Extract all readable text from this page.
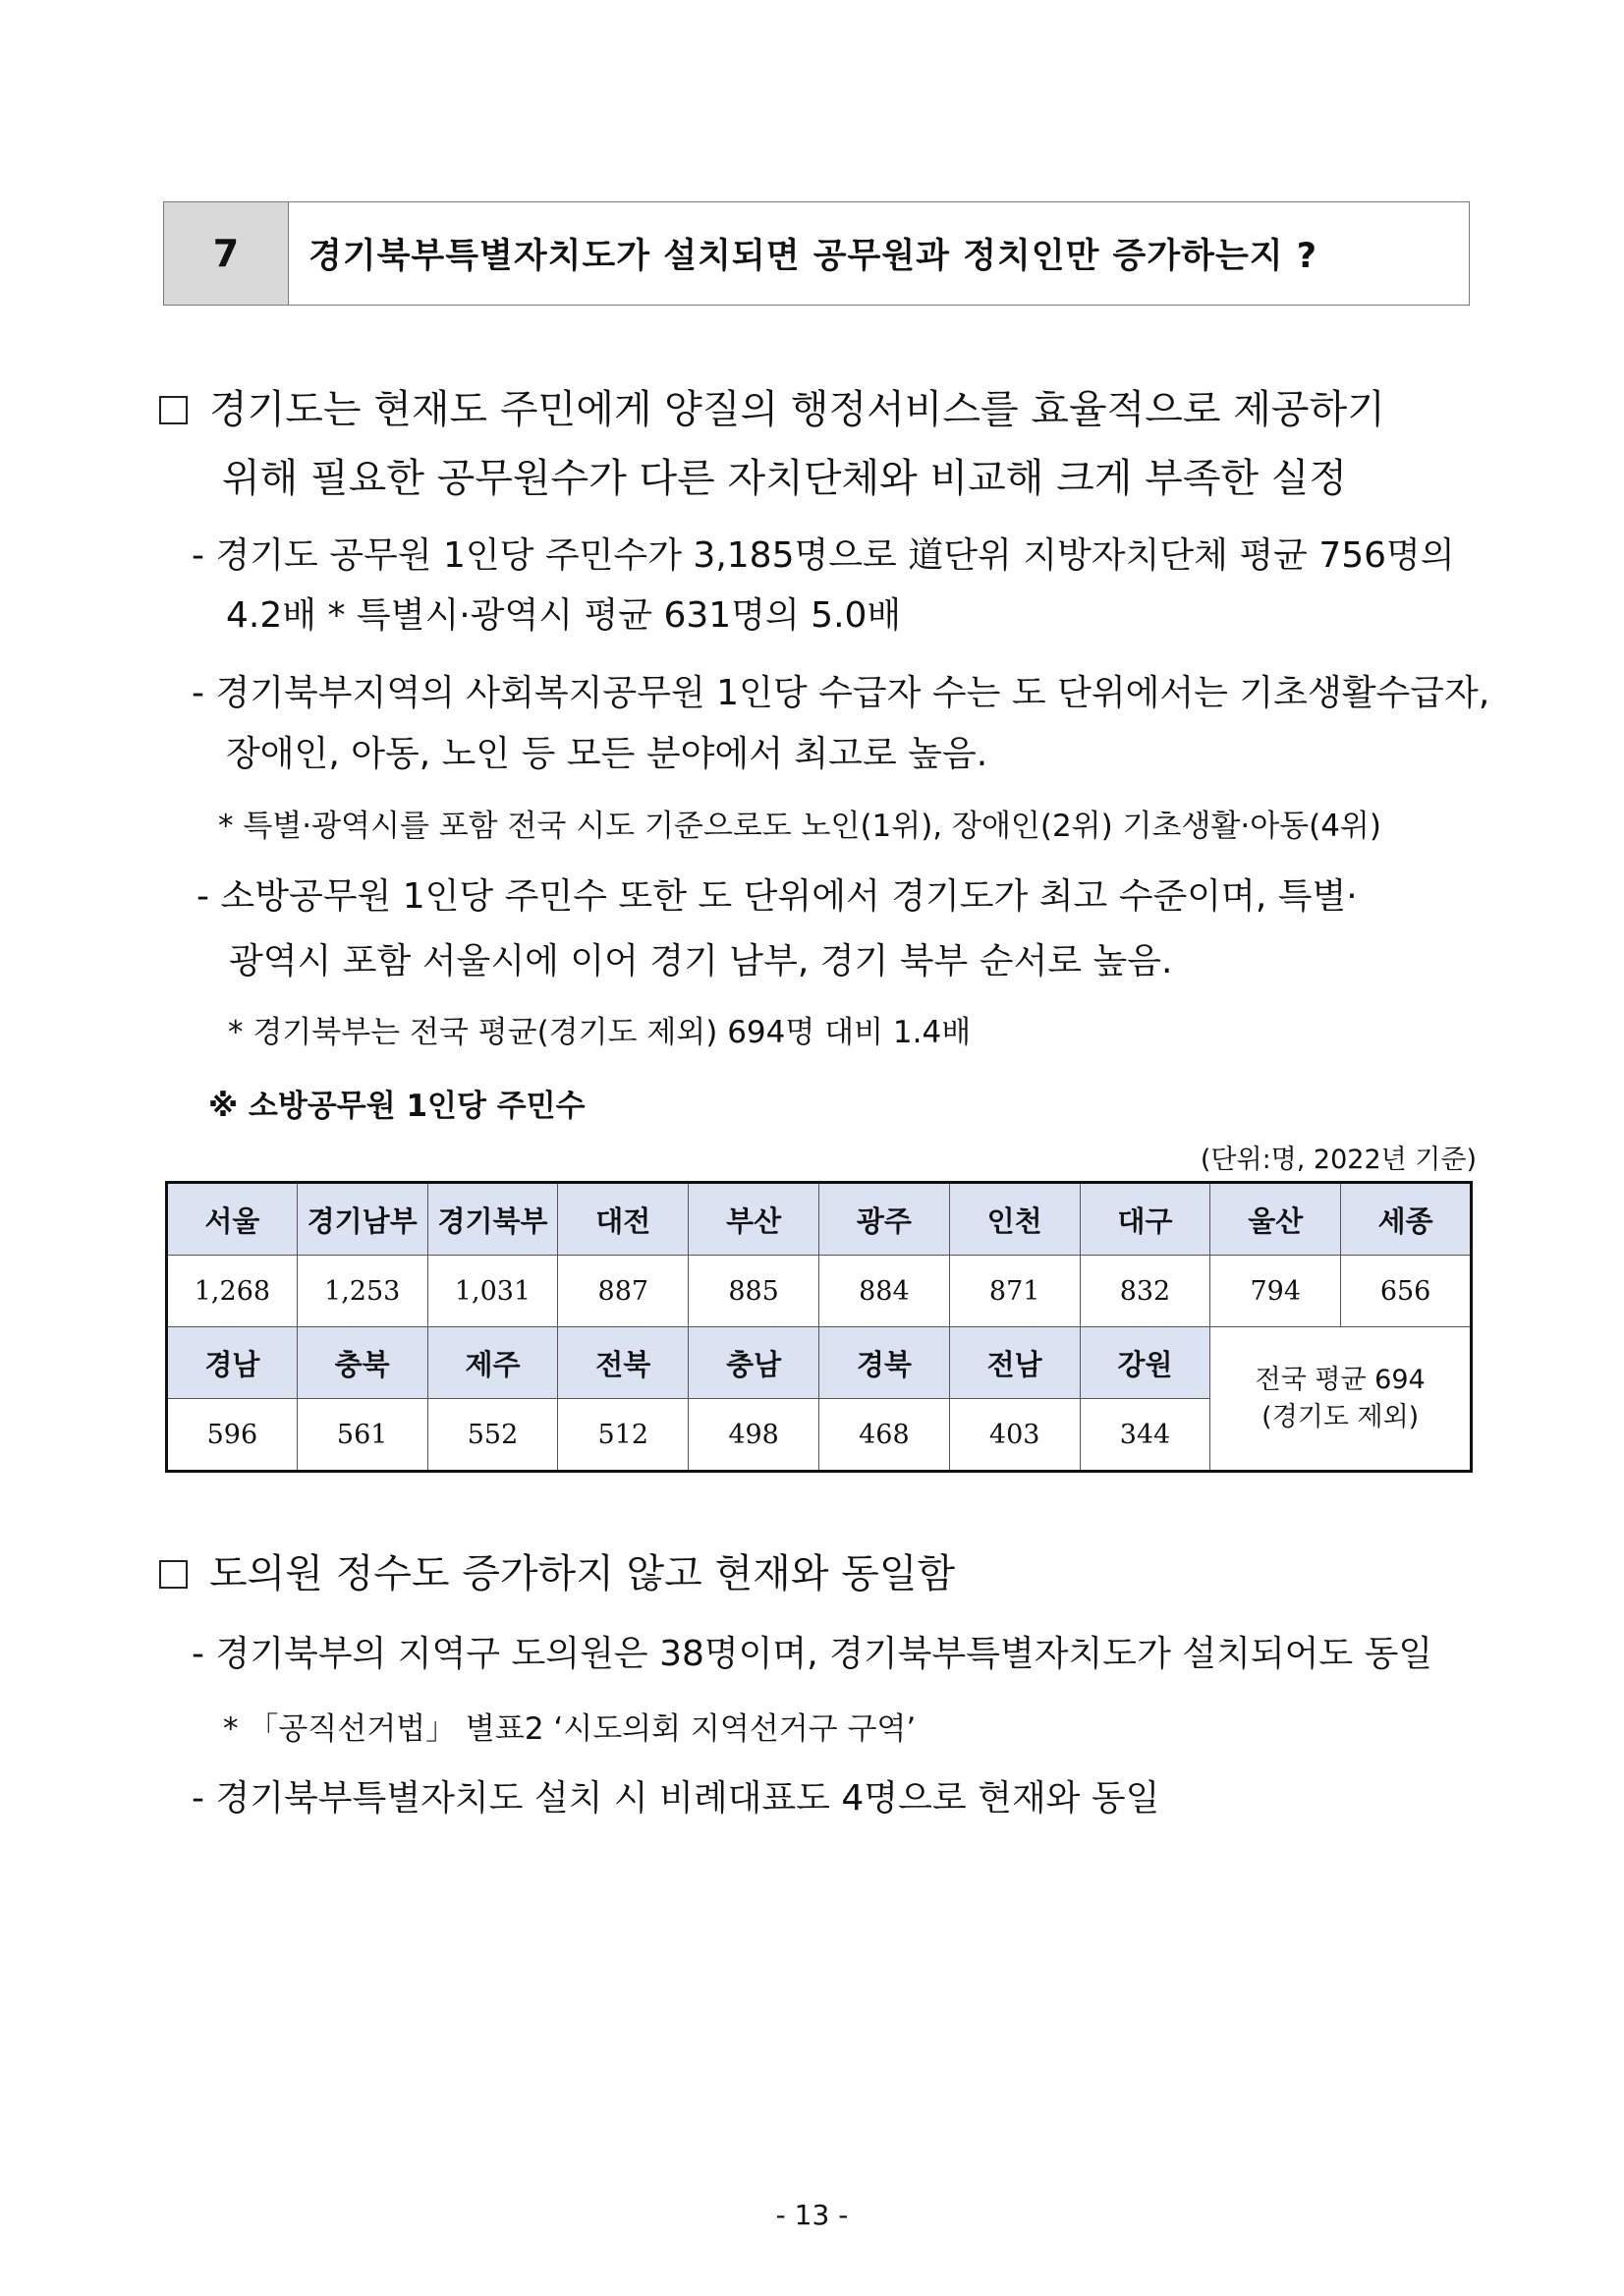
7	경기북부특별자치도가 설치되면 공무원과 정치인만 증가하는지 ?
경기도는 현재도 주민에게 양질의 행정서비스를 효율적으로 제공하기
위해 필요한 공무원수가 다른 자치단체와 비교해 크게 부족한 실정
- 경기도 공무원 1인당 주민수가 3,185명으로 道단위 지방자치단체 평균 756명의
4.2배 * 특별시·광역시 평균 631명의 5.0배
- 경기북부지역의 사회복지공무원 1인당 수급자 수는 도 단위에서는 기초생활수급자,
장애인, 아동, 노인 등 모든 분야에서 최고로 높음.
* 특별·광역시를 포함 전국 시도 기준으로도 노인(1위), 장애인(2위) 기초생활·아동(4위)
- 소방공무원 1인당 주민수 또한 도 단위에서 경기도가 최고 수준이며, 특별·
광역시 포함 서울시에 이어 경기 남부, 경기 북부 순서로 높음.
* 경기북부는 전국 평균(경기도 제외) 694명 대비 1.4배
※ 소방공무원 1인당 주민수
(단위:명, 2022년 기준)
서울	경기남부	경기북부	대전	부산	광주	인천	대구	울산	세종
1,268	1,253	1,031	887	885	884	871	832	794	656
경남	충북	제주	전북	충남	경북	전남	강원	전국 평균 694
(경기도 제외)	
596	561	552	512	498	468	403	344		
도의원 정수도 증가하지 않고 현재와 동일함
- 경기북부의 지역구 도의원은 38명이며, 경기북부특별자치도가 설치되어도 동일
* 「공직선거법」 별표2 ‘시도의회 지역선거구 구역’
- 경기북부특별자치도 설치 시 비례대표도 4명으로 현재와 동일
- 13 -
